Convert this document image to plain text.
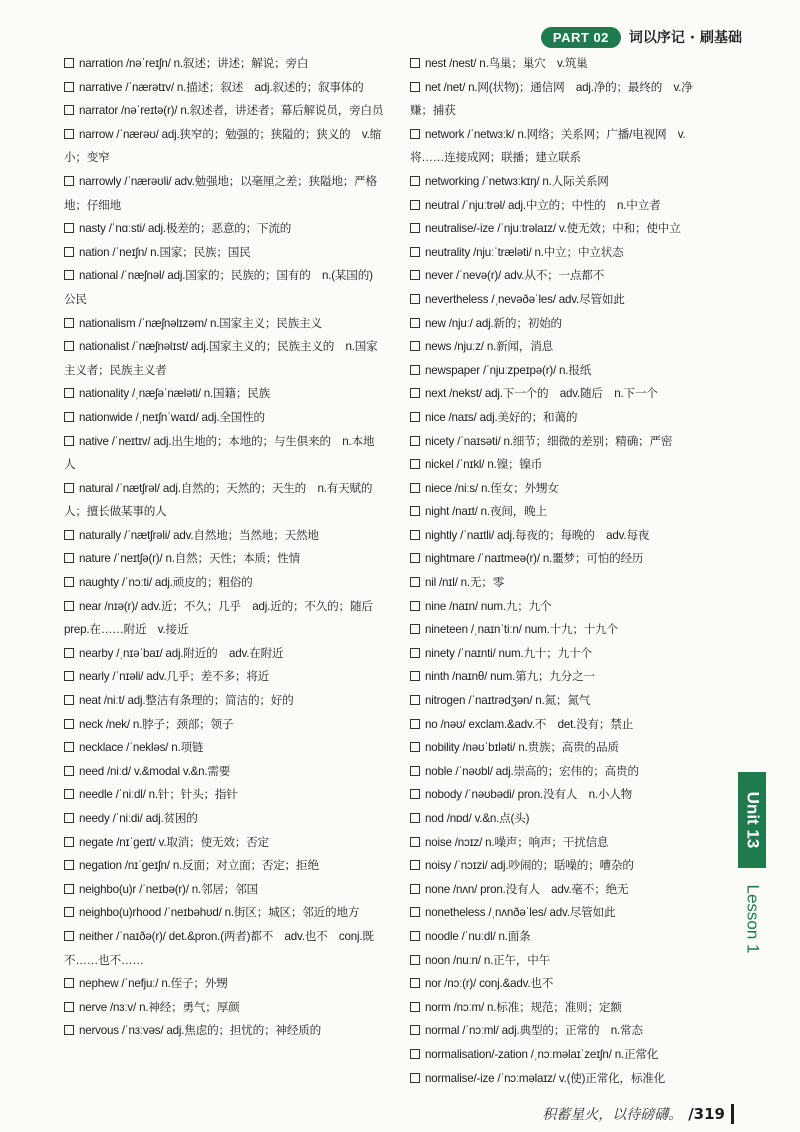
PART 02	词以序记 · 刷基础
narration /nəˈreɪʃn/ n.叙述；讲述；解说；旁白
narrative /ˈnærətɪv/ n.描述；叙述　adj.叙述的；叙事体的
narrator /nəˈreɪtə(r)/ n.叙述者，讲述者；幕后解说员，旁白员
narrow /ˈnærəʊ/ adj.狭窄的；勉强的；狭隘的；狭义的　v.缩小；变窄
narrowly /ˈnærəʊli/ adv.勉强地；以毫厘之差；狭隘地；严格地；仔细地
nasty /ˈnɑːsti/ adj.极差的；恶意的；下流的
nation /ˈneɪʃn/ n.国家；民族；国民
national /ˈnæʃnəl/ adj.国家的；民族的；国有的　n.(某国的)公民
nationalism /ˈnæʃnəlɪzəm/ n.国家主义；民族主义
nationalist /ˈnæʃnəlɪst/ adj.国家主义的；民族主义的　n.国家主义者；民族主义者
nationality /ˌnæʃəˈnæləti/ n.国籍；民族
nationwide /ˌneɪʃnˈwaɪd/ adj.全国性的
native /ˈneɪtɪv/ adj.出生地的；本地的；与生俱来的　n.本地人
natural /ˈnætʃrəl/ adj.自然的；天然的；天生的　n.有天赋的人；擅长做某事的人
naturally /ˈnætʃrəli/ adv.自然地；当然地；天然地
nature /ˈneɪtʃə(r)/ n.自然；天性；本质；性情
naughty /ˈnɔːti/ adj.顽皮的；粗俗的
near /nɪə(r)/ adv.近；不久；几乎　adj.近的；不久的；随后　prep.在……附近　v.接近
nearby /ˌnɪəˈbaɪ/ adj.附近的　adv.在附近
nearly /ˈnɪəli/ adv.几乎；差不多；将近
neat /niːt/ adj.整洁有条理的；简洁的；好的
neck /nek/ n.脖子；颈部；领子
necklace /ˈnekləs/ n.项链
need /niːd/ v.&modal v.&n.需要
needle /ˈniːdl/ n.针；针头；指针
needy /ˈniːdi/ adj.贫困的
negate /nɪˈɡeɪt/ v.取消；使无效；否定
negation /nɪˈɡeɪʃn/ n.反面；对立面；否定；拒绝
neighbo(u)r /ˈneɪbə(r)/ n.邻居；邻国
neighbo(u)rhood /ˈneɪbəhʊd/ n.街区；城区；邻近的地方
neither /ˈnaɪðə(r)/ det.&pron.(两者)都不　adv.也不　conj.既不……也不……
nephew /ˈnefjuː/ n.侄子；外甥
nerve /nɜːv/ n.神经；勇气；厚颜
nervous /ˈnɜːvəs/ adj.焦虑的；担忧的；神经质的
nest /nest/ n.鸟巢；巢穴　v.筑巢
net /net/ n.网(状物)；通信网　adj.净的；最终的　v.净赚；捕获
network /ˈnetwɜːk/ n.网络；关系网；广播/电视网　v.将……连接成网；联播；建立联系
networking /ˈnetwɜːkɪŋ/ n.人际关系网
neutral /ˈnjuːtrəl/ adj.中立的；中性的　n.中立者
neutralise/-ize /ˈnjuːtrəlaɪz/ v.使无效；中和；使中立
neutrality /njuːˈtræləti/ n.中立；中立状态
never /ˈnevə(r)/ adv.从不；一点都不
nevertheless /ˌnevəðəˈles/ adv.尽管如此
new /njuː/ adj.新的；初始的
news /njuːz/ n.新闻，消息
newspaper /ˈnjuːzpeɪpə(r)/ n.报纸
next /nekst/ adj.下一个的　adv.随后　n.下一个
nice /naɪs/ adj.美好的；和蔼的
nicety /ˈnaɪsəti/ n.细节；细微的差别；精确；严密
nickel /ˈnɪkl/ n.镍；镍币
niece /niːs/ n.侄女；外甥女
night /naɪt/ n.夜间，晚上
nightly /ˈnaɪtli/ adj.每夜的；每晚的　adv.每夜
nightmare /ˈnaɪtmeə(r)/ n.噩梦；可怕的经历
nil /nɪl/ n.无；零
nine /naɪn/ num.九；九个
nineteen /ˌnaɪnˈtiːn/ num.十九；十九个
ninety /ˈnaɪnti/ num.九十；九十个
ninth /naɪnθ/ num.第九；九分之一
nitrogen /ˈnaɪtrədʒən/ n.氮；氮气
no /nəʊ/ exclam.&adv.不　det.没有；禁止
nobility /nəʊˈbɪləti/ n.贵族；高贵的品质
noble /ˈnəʊbl/ adj.崇高的；宏伟的；高贵的
nobody /ˈnəʊbədi/ pron.没有人　n.小人物
nod /nɒd/ v.&n.点(头)
noise /nɔɪz/ n.噪声；响声；干扰信息
noisy /ˈnɔɪzi/ adj.吵闹的；聒噪的；嘈杂的
none /nʌn/ pron.没有人　adv.毫不；绝无
nonetheless /ˌnʌnðəˈles/ adv.尽管如此
noodle /ˈnuːdl/ n.面条
noon /nuːn/ n.正午，中午
nor /nɔː(r)/ conj.&adv.也不
norm /nɔːm/ n.标准；规范；准则；定额
normal /ˈnɔːml/ adj.典型的；正常的　n.常态
normalisation/-zation /ˌnɔːməlaɪˈzeɪʃn/ n.正常化
normalise/-ize /ˈnɔːməlaɪz/ v.(使)正常化，标准化
Unit 13
Lesson 1
积蓄星火，以待磅礴。 /319
